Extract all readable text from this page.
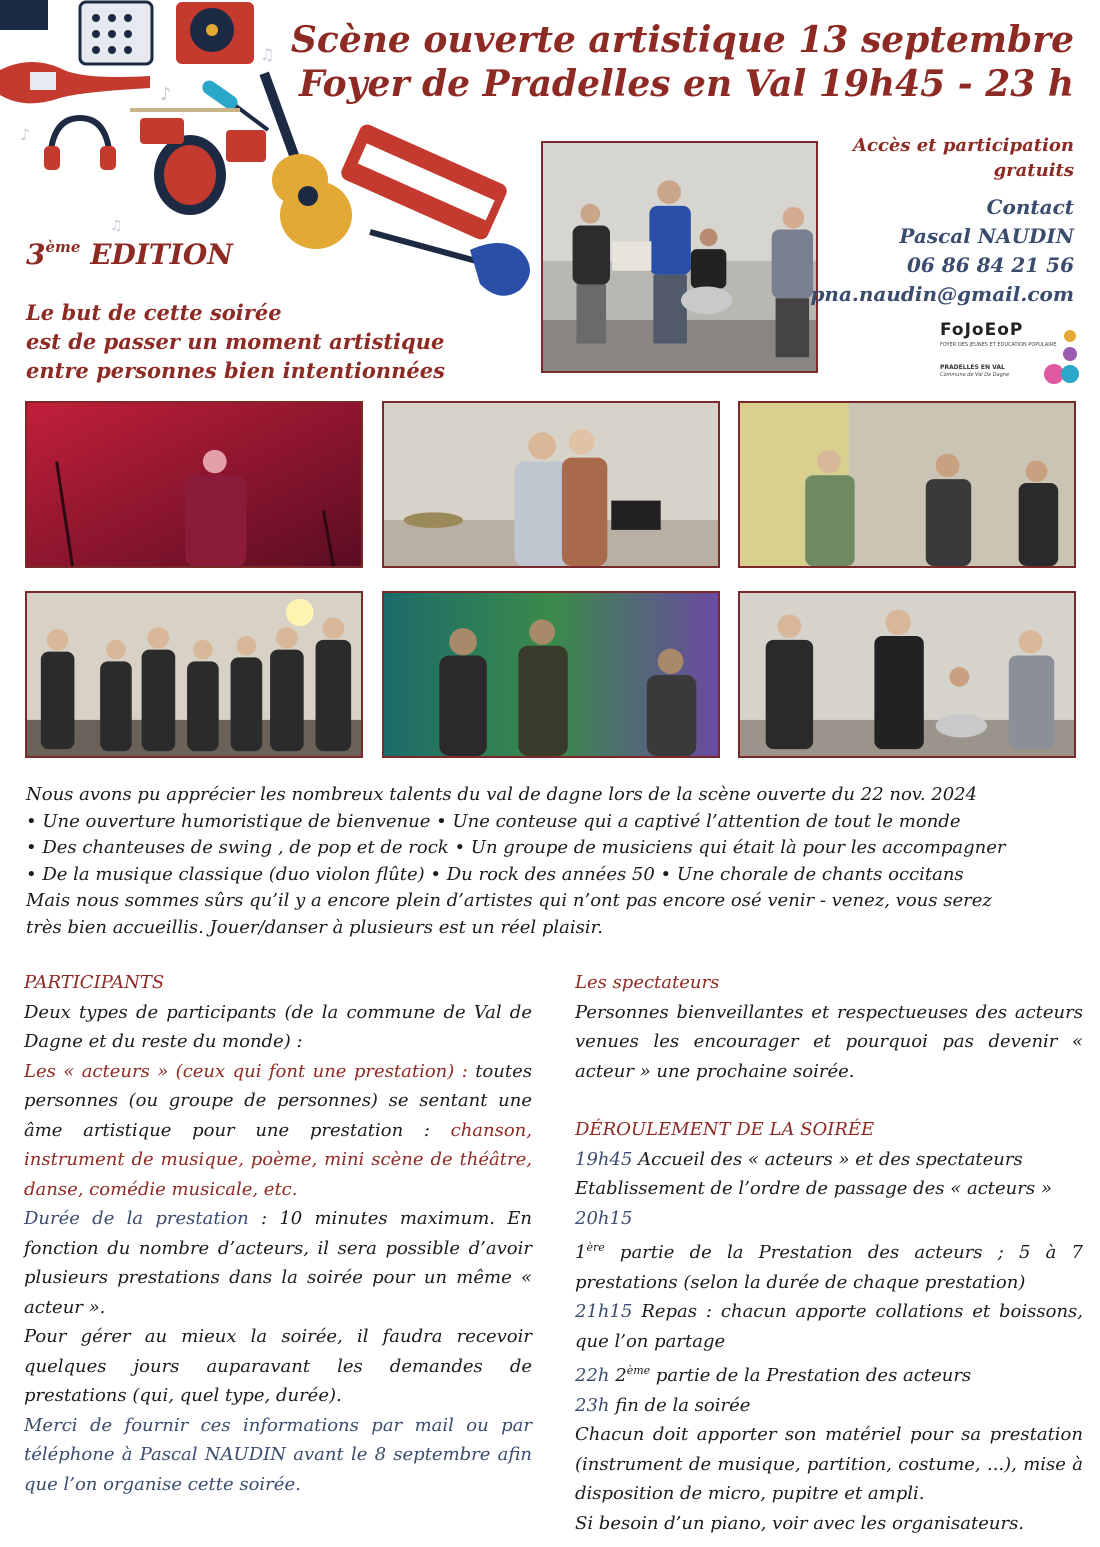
♪
♫
♪
♫
Scène ouverte artistique 13 septembre
Foyer de Pradelles en Val 19h45 - 23 h
3ème EDITION
Le but de cette soirée
est de passer un moment artistique
entre personnes bien intentionnées
Accès et participation
gratuits
Contact
Pascal NAUDIN
06 86 84 21 56
pna.naudin@gmail.com
FoJoEoP
FOYER DES JEUNES ET EDUCATION POPULAIRE
PRADELLES EN VAL
Commune de Val De Dagne
Nous avons pu apprécier les nombreux talents du val de dagne lors de la scène ouverte du 22 nov. 2024
• Une ouverture humoristique de bienvenue • Une conteuse qui a captivé l’attention de tout le monde
• Des chanteuses de swing , de pop et de rock • Un groupe de musiciens qui était là pour les accompagner
• De la musique classique (duo violon flûte) • Du rock des années 50 • Une chorale de chants occitans
Mais nous sommes sûrs qu’il y a encore plein d’artistes qui n’ont pas encore osé venir - venez, vous serez
très bien accueillis. Jouer/danser à plusieurs est un réel plaisir.

PARTICIPANTS

Deux types de participants (de la commune de Val de Dagne et du reste du monde) :

Les « acteurs » (ceux qui font une prestation) : toutes personnes (ou groupe de personnes) se sentant une âme artistique pour une prestation : chanson, instrument de musique, poème, mini scène de théâtre, danse, comédie musicale, etc.

Durée de la prestation : 10 minutes maximum. En fonction du nombre d’acteurs, il sera possible d’avoir plusieurs prestations dans la soirée pour un même « acteur ».

Pour gérer au mieux la soirée, il faudra recevoir quelques jours auparavant les demandes de prestations (qui, quel type, durée).

Merci de fournir ces informations par mail ou par téléphone à Pascal NAUDIN avant le 8 septembre afin que l’on organise cette soirée.

Les spectateurs

Personnes bienveillantes et respectueuses des acteurs venues les encourager et pourquoi pas devenir « acteur » une prochaine soirée.

DÉROULEMENT DE LA SOIRÉE

19h45 Accueil des « acteurs » et des spectateurs

Etablissement de l’ordre de passage des « acteurs »

20h15

1ère partie de la Prestation des acteurs ; 5 à 7 prestations (selon la durée de chaque prestation)

21h15 Repas : chacun apporte collations et boissons, que l’on partage

22h 2ème partie de la Prestation des acteurs

23h fin de la soirée

Chacun doit apporter son matériel pour sa prestation (instrument de musique, partition, costume, ...), mise à disposition de micro, pupitre et ampli.

Si besoin d’un piano, voir avec les organisateurs.
